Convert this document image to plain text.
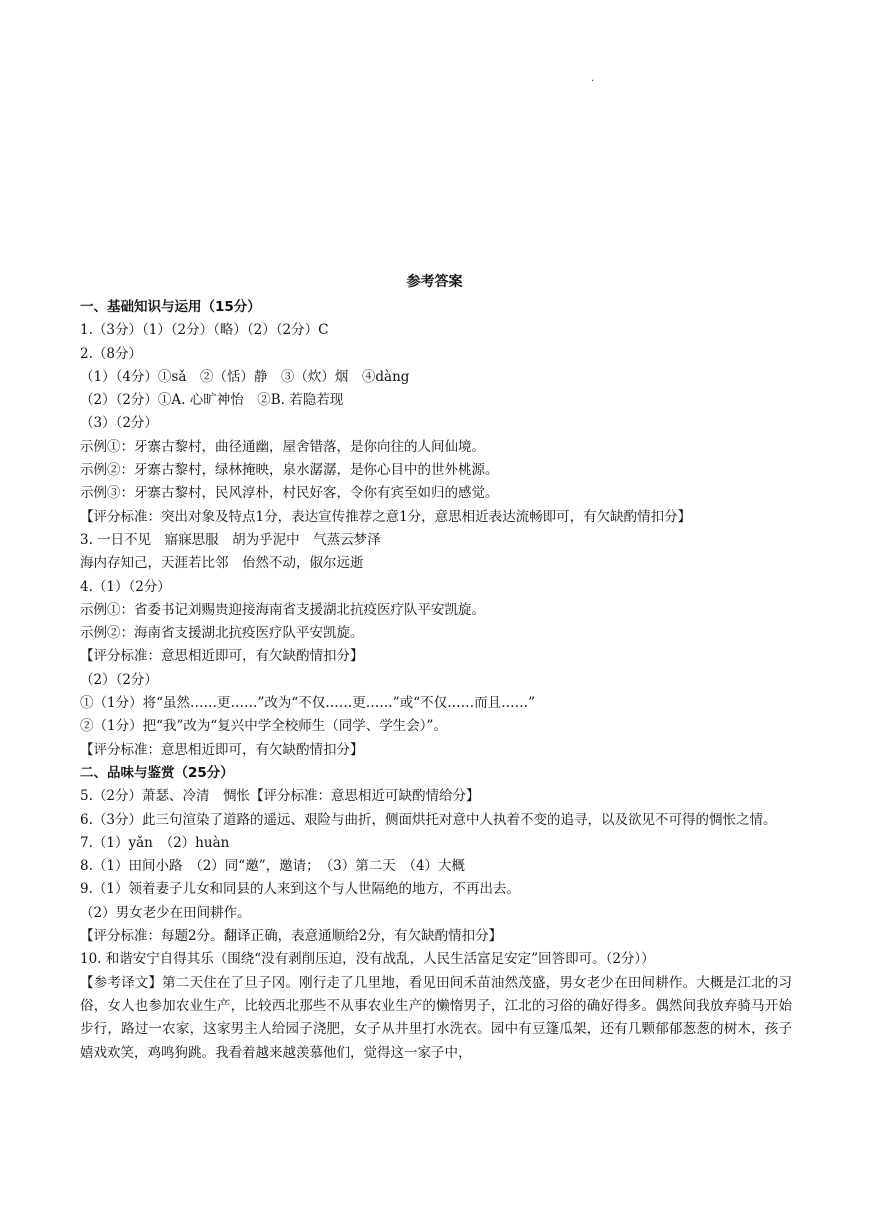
·
参考答案

一、基础知识与运用（15分）

1.（3分）（1）（2分）（略）（2）（2分）C

2.（8分）

（1）（4分）①sǎ　②（恬）静　③（炊）烟　④dàng

（2）（2分）①A. 心旷神怡　②B. 若隐若现

（3）（2分）

示例①：牙寨古黎村，曲径通幽，屋舍错落，是你向往的人间仙境。

示例②：牙寨古黎村，绿林掩映，泉水潺潺，是你心目中的世外桃源。

示例③：牙寨古黎村，民风淳朴，村民好客，令你有宾至如归的感觉。

【评分标准：突出对象及特点1分，表达宣传推荐之意1分，意思相近表达流畅即可，有欠缺酌情扣分】

3. 一日不见　寤寐思服　胡为乎泥中　气蒸云梦泽

海内存知己，天涯若比邻　佁然不动，俶尔远逝

4.（1）（2分）

示例①：省委书记刘赐贵迎接海南省支援湖北抗疫医疗队平安凯旋。

示例②：海南省支援湖北抗疫医疗队平安凯旋。

【评分标准：意思相近即可，有欠缺酌情扣分】

（2）（2分）

①（1分）将“虽然……更……”改为“不仅……更……”或“不仅……而且……”

②（1分）把“我”改为“复兴中学全校师生（同学、学生会）”。

【评分标准：意思相近即可，有欠缺酌情扣分】

二、品味与鉴赏（25分）

5.（2分）萧瑟、冷清　惆怅【评分标准：意思相近可缺酌情给分】

6.（3分）此三句渲染了道路的遥远、艰险与曲折，侧面烘托对意中人执着不变的追寻，以及欲见不可得的惆怅之情。

7.（1）yǎn　（2）huàn

8.（1）田间小路　（2）同“邀”，邀请；　（3）第二天　（4）大概

9.（1）领着妻子儿女和同县的人来到这个与人世隔绝的地方，不再出去。

（2）男女老少在田间耕作。

【评分标准：每题2分。翻译正确，表意通顺给2分，有欠缺酌情扣分】

10. 和谐安宁自得其乐（围绕“没有剥削压迫，没有战乱，人民生活富足安定”回答即可。（2分））

【参考译文】第二天住在了旦子冈。刚行走了几里地，看见田间禾苗油然茂盛，男女老少在田间耕作。大概是江北的习俗，女人也参加农业生产，比较西北那些不从事农业生产的懒惰男子，江北的习俗的确好得多。偶然间我放弃骑马开始步行，路过一农家，这家男主人给园子浇肥，女子从井里打水洗衣。园中有豆篷瓜架，还有几颗郁郁葱葱的树木，孩子嬉戏欢笑，鸡鸣狗跳。我看着越来越羡慕他们，觉得这一家子中，
